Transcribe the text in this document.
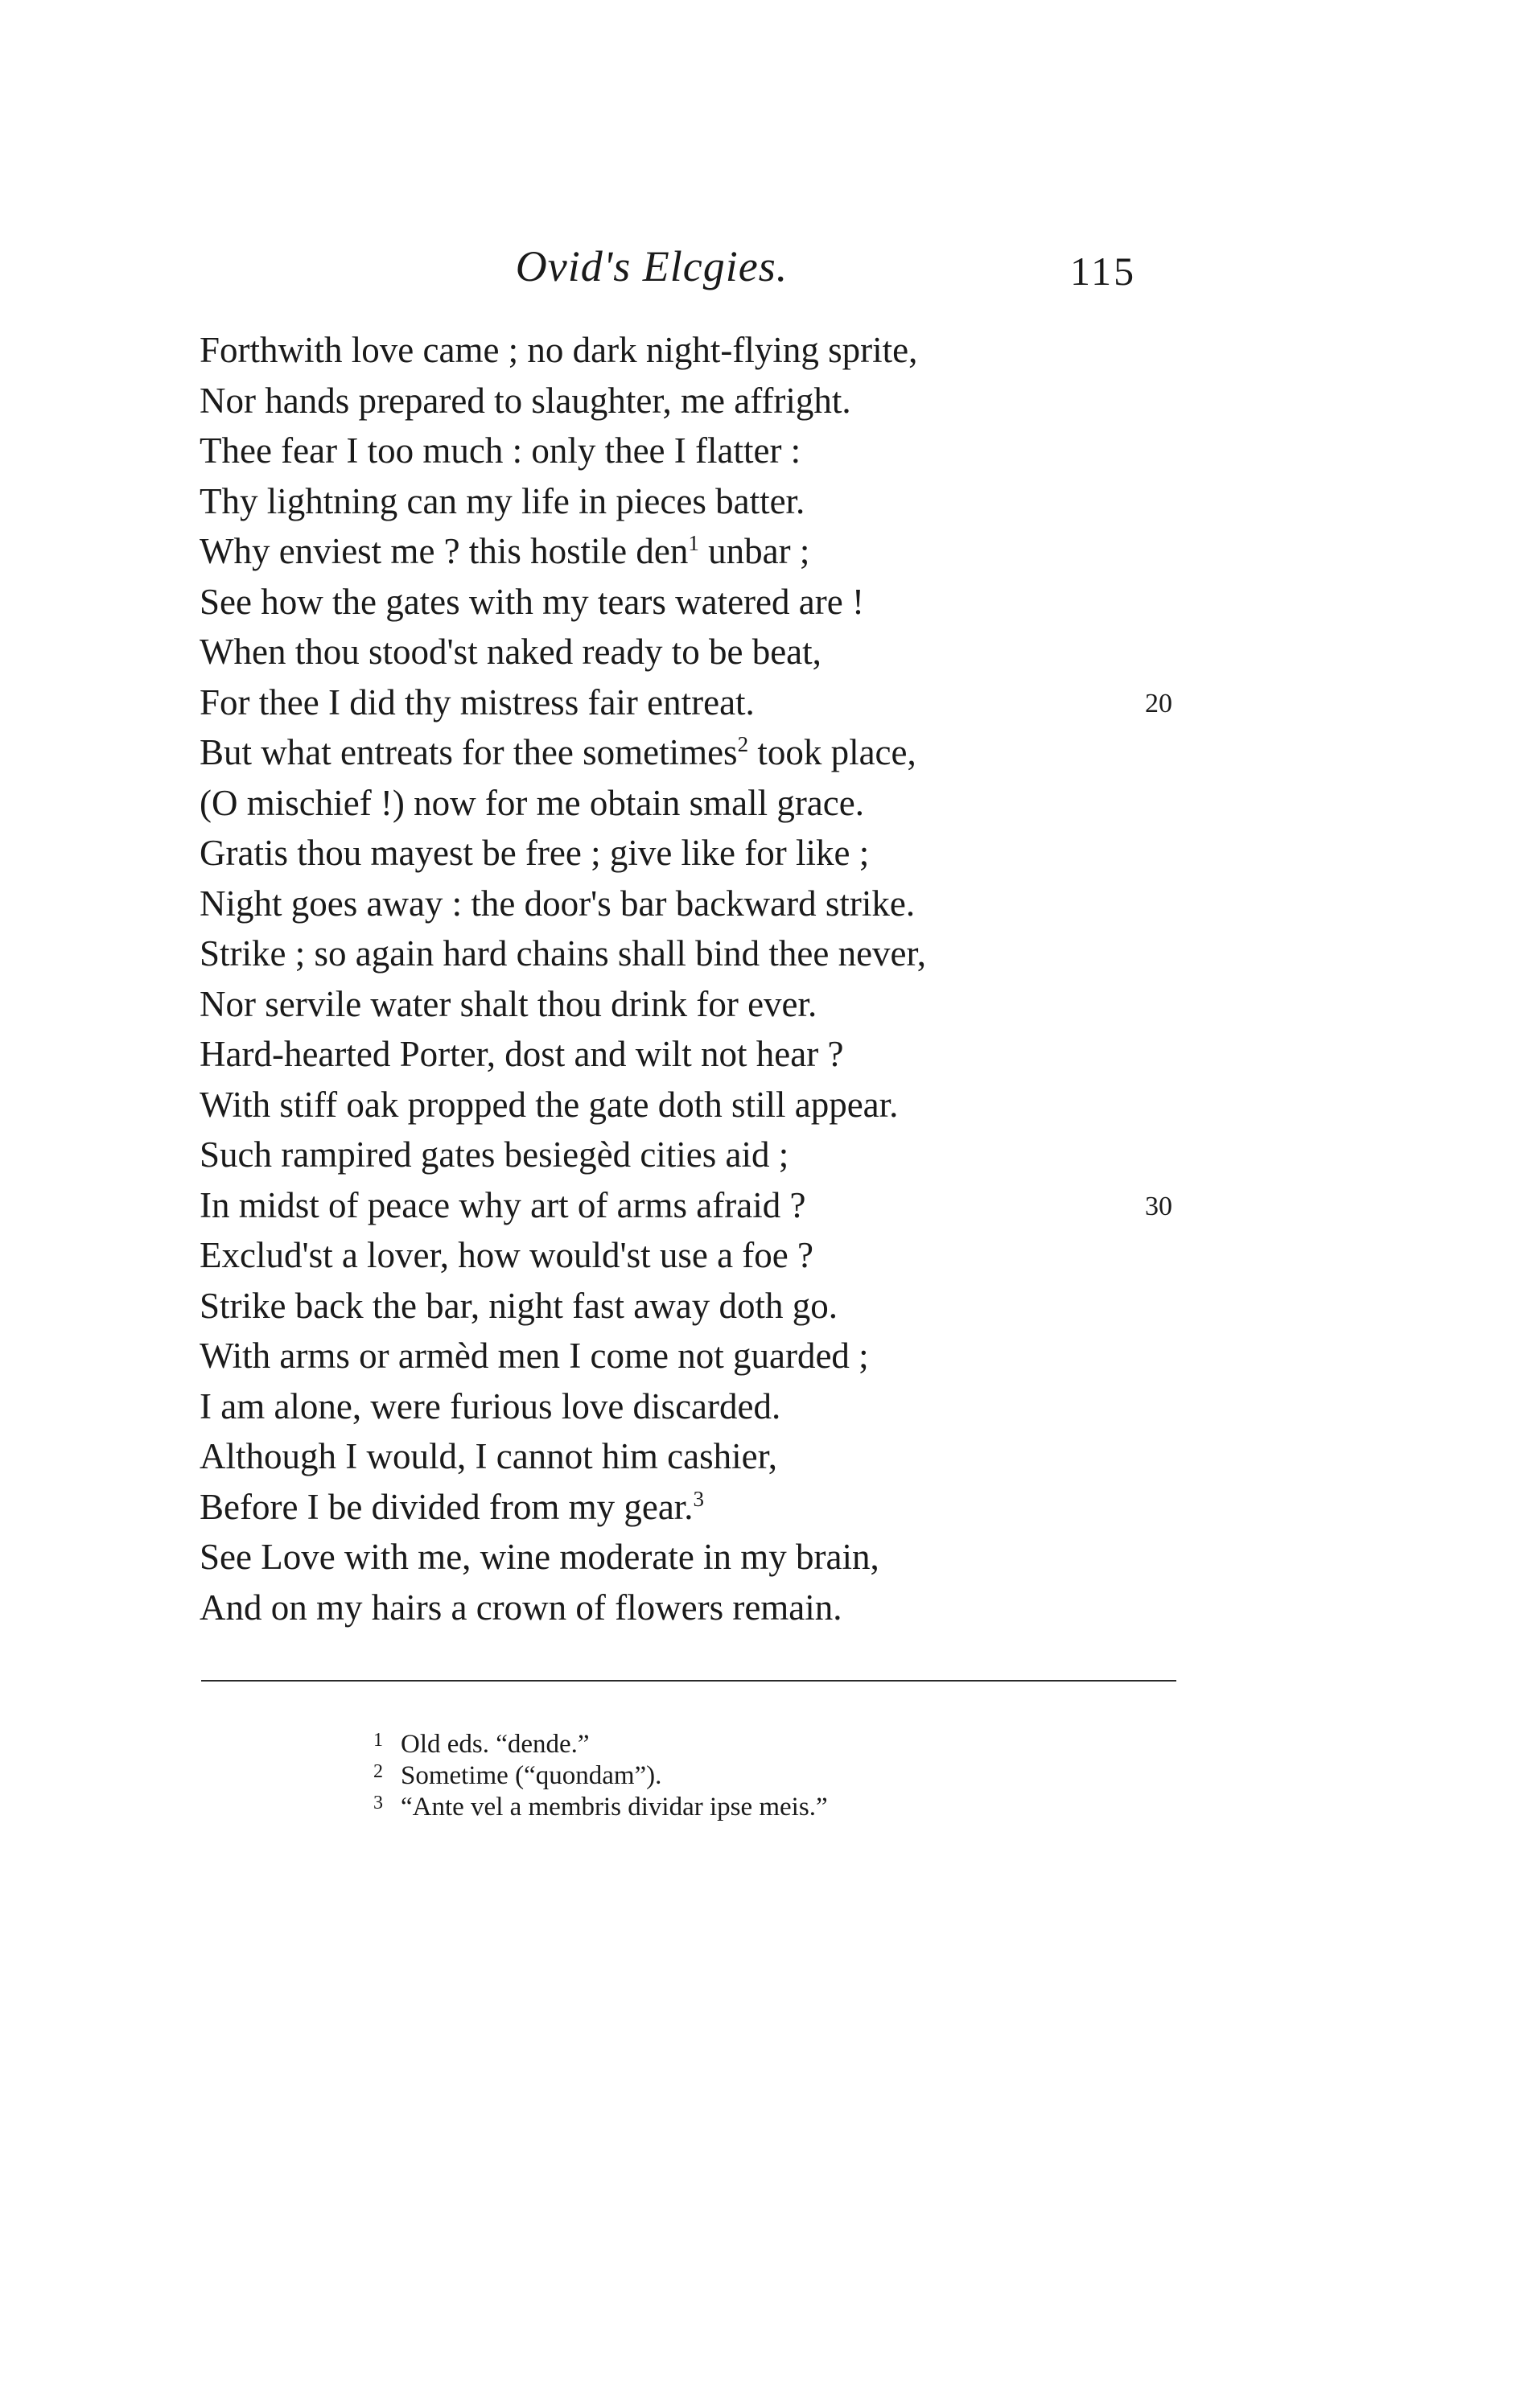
Ovid's Elcgies.	115
Forthwith love came ; no dark night-flying sprite,
Nor hands prepared to slaughter, me affright.
Thee fear I too much : only thee I flatter :
Thy lightning can my life in pieces batter.
Why enviest me ? this hostile den$^1$ unbar ;
See how the gates with my tears watered are !
When thou stood'st naked ready to be beat,
For thee I did thy mistress fair entreat.	20
But what entreats for thee sometimes$^2$ took place,
(O mischief !) now for me obtain small grace.
Gratis thou mayest be free ; give like for like ;
Night goes away : the door's bar backward strike.
Strike ; so again hard chains shall bind thee never,
Nor servile water shalt thou drink for ever.
Hard-hearted Porter, dost and wilt not hear ?
With stiff oak propped the gate doth still appear.
Such rampired gates besiegèd cities aid ;
In midst of peace why art of arms afraid ?	30
Exclud'st a lover, how would'st use a foe ?
Strike back the bar, night fast away doth go.
With arms or armèd men I come not guarded ;
I am alone, were furious love discarded.
Although I would, I cannot him cashier,
Before I be divided from my gear.$^3$
See Love with me, wine moderate in my brain,
And on my hairs a crown of flowers remain.
1 Old eds. “dende.”
2 Sometime (“quondam”).
3 “Ante vel a membris dividar ipse meis.”
